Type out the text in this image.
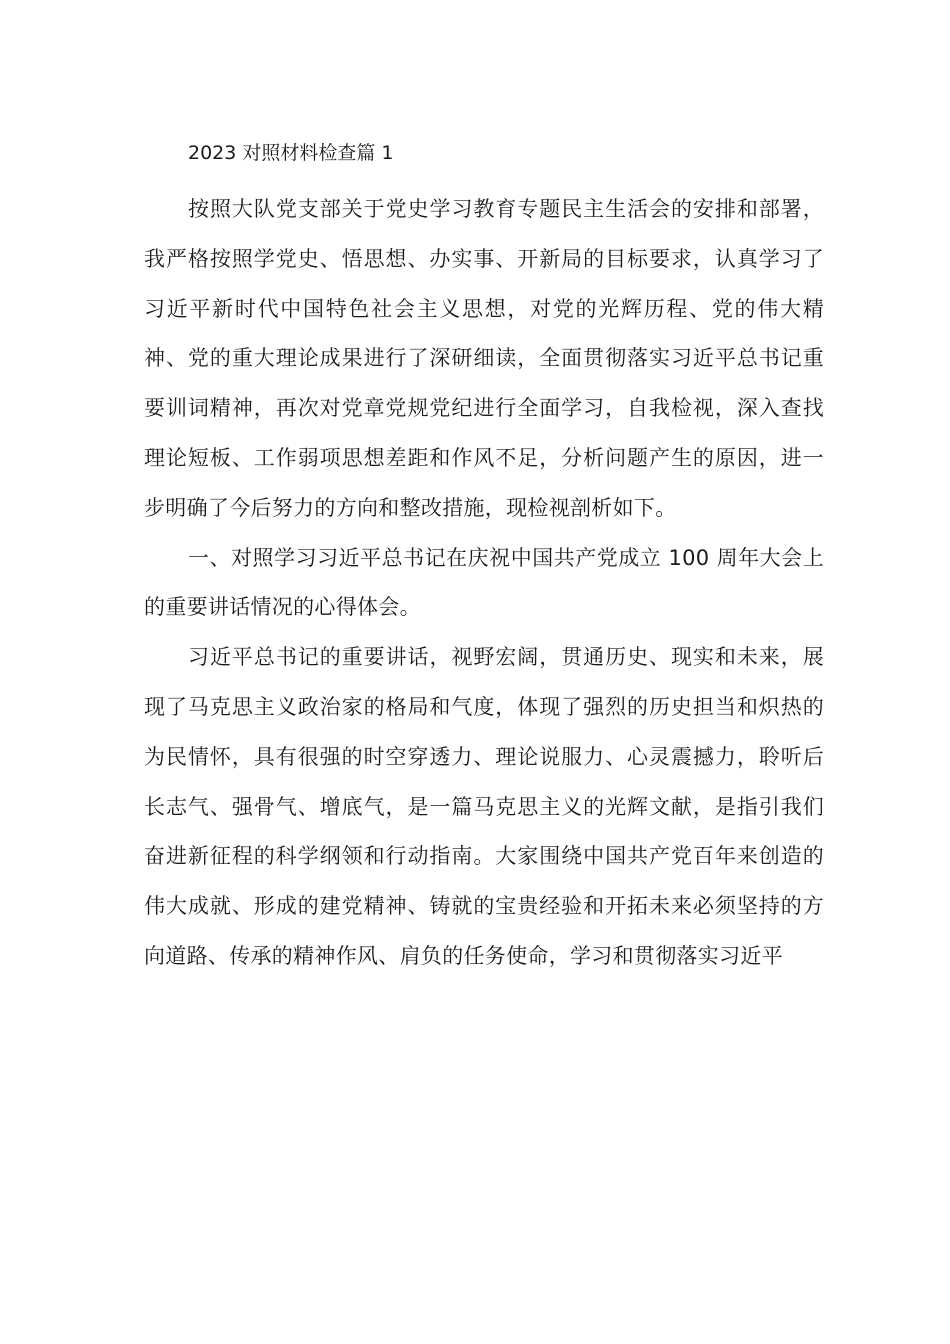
2023 对照材料检查篇 1

按照大队党支部关于党史学习教育专题民主生活会的安排和部署，我严格按照学党史、悟思想、办实事、开新局的目标要求，认真学习了习近平新时代中国特色社会主义思想，对党的光辉历程、党的伟大精神、党的重大理论成果进行了深研细读，全面贯彻落实习近平总书记重要训词精神，再次对党章党规党纪进行全面学习，自我检视，深入查找理论短板、工作弱项思想差距和作风不足，分析问题产生的原因，进一步明确了今后努力的方向和整改措施，现检视剖析如下。

一、对照学习习近平总书记在庆祝中国共产党成立 100 周年大会上的重要讲话情况的心得体会。

习近平总书记的重要讲话，视野宏阔，贯通历史、现实和未来，展现了马克思主义政治家的格局和气度，体现了强烈的历史担当和炽热的为民情怀，具有很强的时空穿透力、理论说服力、心灵震撼力，聆听后长志气、强骨气、增底气，是一篇马克思主义的光辉文献，是指引我们奋进新征程的科学纲领和行动指南。大家围绕中国共产党百年来创造的伟大成就、形成的建党精神、铸就的宝贵经验和开拓未来必须坚持的方向道路、传承的精神作风、肩负的任务使命，学习和贯彻落实习近平
